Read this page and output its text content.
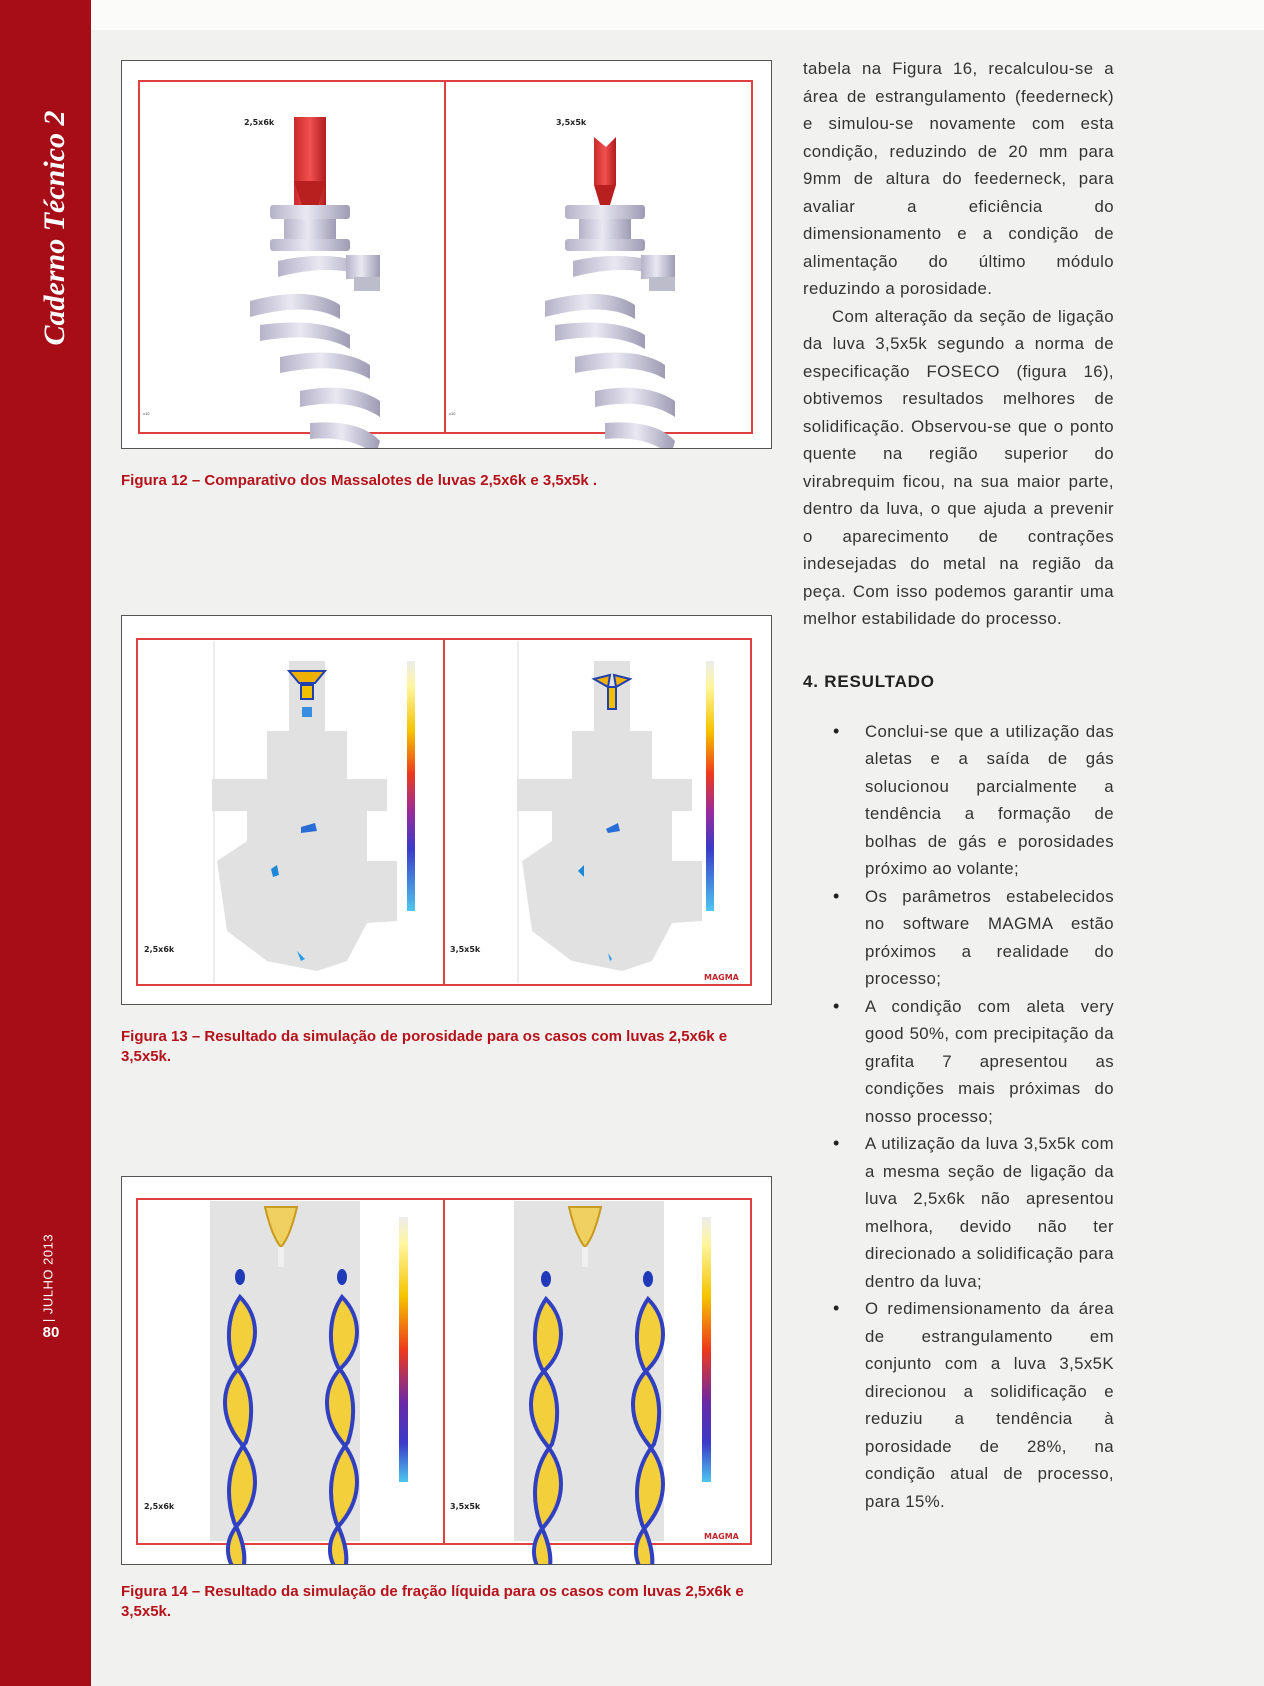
Caderno Técnico 2
| JULHO 2013
80
2,5x6k	3,5x5k
x10	x10
Figura 12 – Comparativo dos Massalotes de luvas 2,5x6k e 3,5x5k .
2,5x6k	3,5x5k
MAGMA
Figura 13 – Resultado da simulação de porosidade para os casos com luvas 2,5x6k e 3,5x5k.
2,5x6k	3,5x5k
MAGMA
Figura 14 – Resultado da simulação de fração líquida para os casos com luvas 2,5x6k e 3,5x5k.

tabela na Figura 16, recalculou-se a área de estrangulamento (feederneck) e simulou-se novamente com esta condição, reduzindo de 20 mm para 9mm de altura do feederneck, para avaliar a eficiência do dimensionamento e a condição de alimentação do último módulo reduzindo a porosidade.

Com alteração da seção de ligação da luva 3,5x5k segundo a norma de especificação FOSECO (figura 16), obtivemos resultados melhores de solidificação. Observou-se que o ponto quente na região superior do virabrequim ficou, na sua maior parte, dentro da luva, o que ajuda a prevenir o aparecimento de contrações indesejadas do metal na região da peça. Com isso podemos garantir uma melhor estabilidade do processo.

4. RESULTADO
• Conclui-se que a utilização das aletas e a saída de gás solucionou parcialmente a tendência a formação de bolhas de gás e porosidades próximo ao volante;
• Os parâmetros estabelecidos no software MAGMA estão próximos a realidade do processo;
• A condição com aleta very good 50%, com precipitação da grafita 7 apresentou as condições mais próximas do nosso processo;
• A utilização da luva 3,5x5k com a mesma seção de ligação da luva 2,5x6k não apresentou melhora, devido não ter direcionado a solidificação para dentro da luva;
• O redimensionamento da área de estrangulamento em conjunto com a luva 3,5x5K direcionou a solidificação e reduziu a tendência à porosidade de 28%, na condição atual de processo, para 15%.
